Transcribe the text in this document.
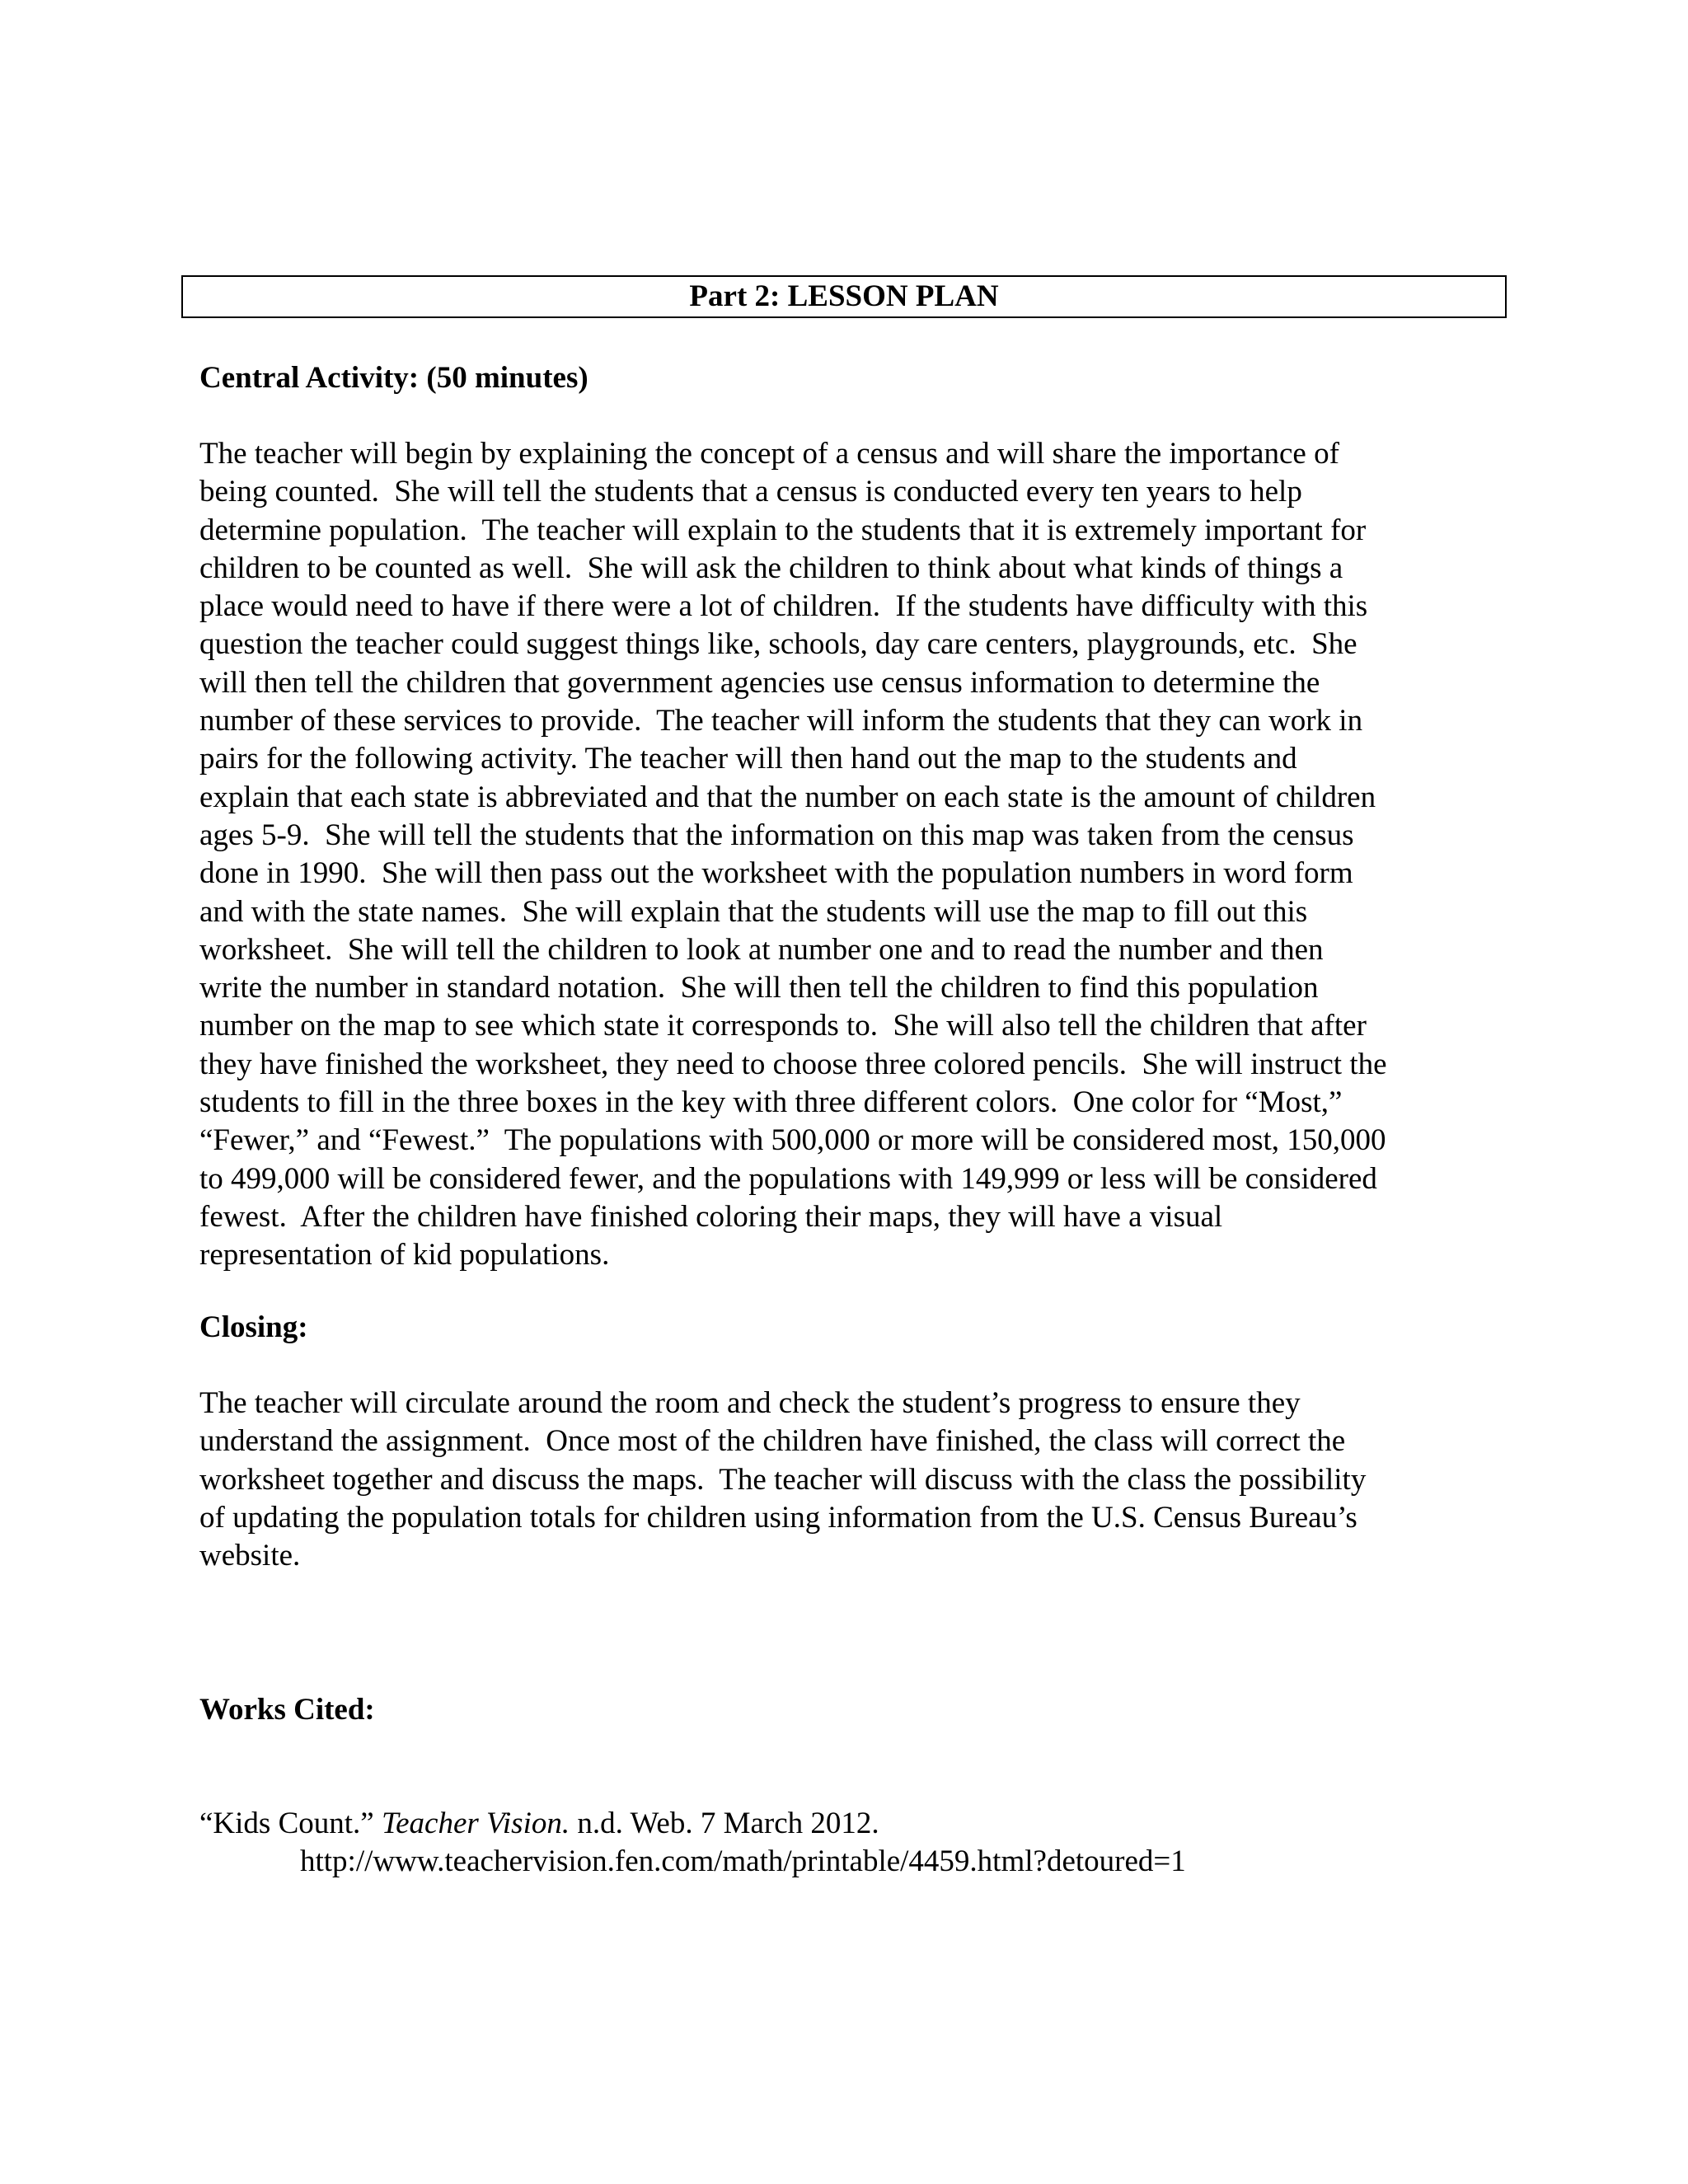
Part 2: LESSON PLAN
Central Activity: (50 minutes)

The teacher will begin by explaining the concept of a census and will share the importance of
being counted.  She will tell the students that a census is conducted every ten years to help
determine population.  The teacher will explain to the students that it is extremely important for
children to be counted as well.  She will ask the children to think about what kinds of things a
place would need to have if there were a lot of children.  If the students have difficulty with this
question the teacher could suggest things like, schools, day care centers, playgrounds, etc.  She
will then tell the children that government agencies use census information to determine the
number of these services to provide.  The teacher will inform the students that they can work in
pairs for the following activity. The teacher will then hand out the map to the students and
explain that each state is abbreviated and that the number on each state is the amount of children
ages 5-9.  She will tell the students that the information on this map was taken from the census
done in 1990.  She will then pass out the worksheet with the population numbers in word form
and with the state names.  She will explain that the students will use the map to fill out this
worksheet.  She will tell the children to look at number one and to read the number and then
write the number in standard notation.  She will then tell the children to find this population
number on the map to see which state it corresponds to.  She will also tell the children that after
they have finished the worksheet, they need to choose three colored pencils.  She will instruct the
students to fill in the three boxes in the key with three different colors.  One color for “Most,”
“Fewer,” and “Fewest.”  The populations with 500,000 or more will be considered most, 150,000
to 499,000 will be considered fewer, and the populations with 149,999 or less will be considered
fewest.  After the children have finished coloring their maps, they will have a visual
representation of kid populations.

Closing:

The teacher will circulate around the room and check the student’s progress to ensure they
understand the assignment.  Once most of the children have finished, the class will correct the
worksheet together and discuss the maps.  The teacher will discuss with the class the possibility
of updating the population totals for children using information from the U.S. Census Bureau’s
website.

Works Cited:

“Kids Count.” Teacher Vision. n.d. Web. 7 March 2012.
http://www.teachervision.fen.com/math/printable/4459.html?detoured=1
